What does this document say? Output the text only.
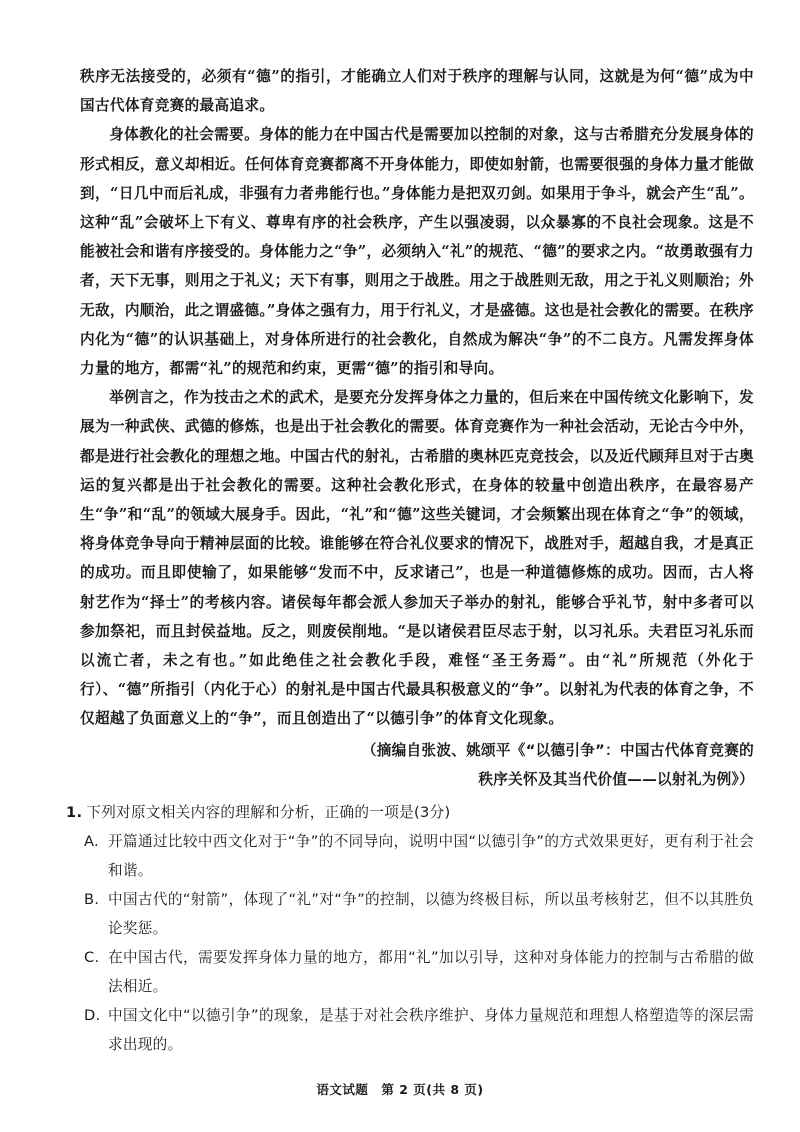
秩序无法接受的，必须有“德”的指引，才能确立人们对于秩序的理解与认同，这就是为何“德”成为中国古代体育竞赛的最高追求。

身体教化的社会需要。身体的能力在中国古代是需要加以控制的对象，这与古希腊充分发展身体的形式相反，意义却相近。任何体育竞赛都离不开身体能力，即使如射箭，也需要很强的身体力量才能做到，“日几中而后礼成，非强有力者弗能行也。”身体能力是把双刃剑。如果用于争斗，就会产生“乱”。这种“乱”会破坏上下有义、尊卑有序的社会秩序，产生以强凌弱，以众暴寡的不良社会现象。这是不能被社会和谐有序接受的。身体能力之“争”，必须纳入“礼”的规范、“德”的要求之内。“故勇敢强有力者，天下无事，则用之于礼义；天下有事，则用之于战胜。用之于战胜则无敌，用之于礼义则顺治；外无敌，内顺治，此之谓盛德。”身体之强有力，用于行礼义，才是盛德。这也是社会教化的需要。在秩序内化为“德”的认识基础上，对身体所进行的社会教化，自然成为解决“争”的不二良方。凡需发挥身体力量的地方，都需“礼”的规范和约束，更需“德”的指引和导向。

举例言之，作为技击之术的武术，是要充分发挥身体之力量的，但后来在中国传统文化影响下，发展为一种武侠、武德的修炼，也是出于社会教化的需要。体育竞赛作为一种社会活动，无论古今中外，都是进行社会教化的理想之地。中国古代的射礼，古希腊的奥林匹克竞技会，以及近代顾拜旦对于古奥运的复兴都是出于社会教化的需要。这种社会教化形式，在身体的较量中创造出秩序，在最容易产生“争”和“乱”的领域大展身手。因此，“礼”和“德”这些关键词，才会频繁出现在体育之“争”的领域，将身体竞争导向于精神层面的比较。谁能够在符合礼仪要求的情况下，战胜对手，超越自我，才是真正的成功。而且即使输了，如果能够“发而不中，反求诸己”，也是一种道德修炼的成功。因而，古人将射艺作为“择士”的考核内容。诸侯每年都会派人参加天子举办的射礼，能够合乎礼节，射中多者可以参加祭祀，而且封侯益地。反之，则废侯削地。“是以诸侯君臣尽志于射，以习礼乐。夫君臣习礼乐而以流亡者，未之有也。”如此绝佳之社会教化手段，难怪“圣王务焉”。由“礼”所规范（外化于行）、“德”所指引（内化于心）的射礼是中国古代最具积极意义的“争”。以射礼为代表的体育之争，不仅超越了负面意义上的“争”，而且创造出了“以德引争”的体育文化现象。

（摘编自张波、姚颂平《“以德引争”：中国古代体育竞赛的
秩序关怀及其当代价值——以射礼为例》）

1. 下列对原文相关内容的理解和分析，正确的一项是(3分)

A. 开篇通过比较中西文化对于“争”的不同导向，说明中国“以德引争”的方式效果更好，更有利于社会和谐。
B. 中国古代的“射箭”，体现了“礼”对“争”的控制，以德为终极目标，所以虽考核射艺，但不以其胜负论奖惩。
C. 在中国古代，需要发挥身体力量的地方，都用“礼”加以引导，这种对身体能力的控制与古希腊的做法相近。
D. 中国文化中“以德引争”的现象，是基于对社会秩序维护、身体力量规范和理想人格塑造等的深层需求出现的。
语文试题　第 2 页(共 8 页)
